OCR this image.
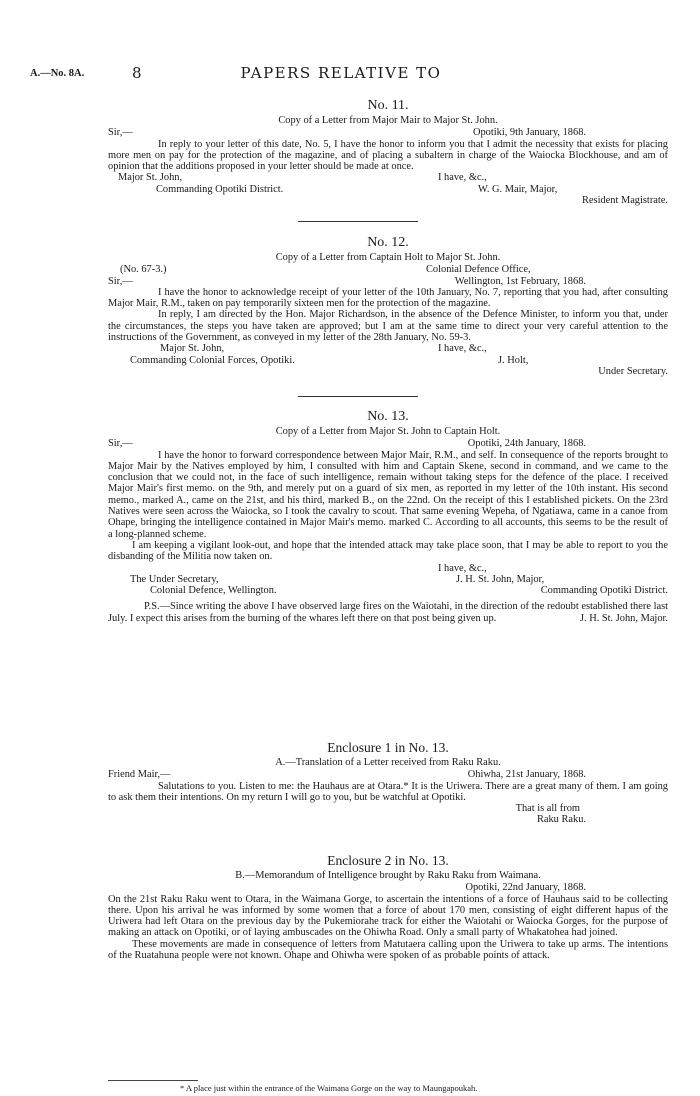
A.—No. 8A.	8	PAPERS RELATIVE TO
No. 11.
Copy of a Letter from Major Mair to Major St. John.
Sir,—	Opotiki, 9th January, 1868.
In reply to your letter of this date, No. 5, I have the honor to inform you that I admit the necessity that exists for placing more men on pay for the protection of the magazine, and of placing a subaltern in charge of the Waiocka Blockhouse, and am of opinion that the additions proposed in your letter should be made at once.
Major St. John,	I have, &c.,
Commanding Opotiki District.	W. G. Mair, Major,
Resident Magistrate.
No. 12.
Copy of a Letter from Captain Holt to Major St. John.
(No. 67-3.)	Colonial Defence Office,
Sir,—	Wellington, 1st February, 1868.
I have the honor to acknowledge receipt of your letter of the 10th January, No. 7, reporting that you had, after consulting Major Mair, R.M., taken on pay temporarily sixteen men for the protection of the magazine.
In reply, I am directed by the Hon. Major Richardson, in the absence of the Defence Minister, to inform you that, under the circumstances, the steps you have taken are approved; but I am at the same time to direct your very careful attention to the instructions of the Government, as conveyed in my letter of the 28th January, No. 59-3.
Major St. John,	I have, &c.,
Commanding Colonial Forces, Opotiki.	J. Holt,
Under Secretary.
No. 13.
Copy of a Letter from Major St. John to Captain Holt.
Sir,—	Opotiki, 24th January, 1868.
I have the honor to forward correspondence between Major Mair, R.M., and self. In consequence of the reports brought to Major Mair by the Natives employed by him, I consulted with him and Captain Skene, second in command, and we came to the conclusion that we could not, in the face of such intelligence, remain without taking steps for the defence of the place. I received Major Mair's first memo. on the 9th, and merely put on a guard of six men, as reported in my letter of the 10th instant. His second memo., marked A., came on the 21st, and his third, marked B., on the 22nd. On the receipt of this I established pickets. On the 23rd Natives were seen across the Waiocka, so I took the cavalry to scout. That same evening Wepeha, of Ngatiawa, came in a canoe from Ohape, bringing the intelligence contained in Major Mair's memo. marked C. According to all accounts, this seems to be the result of a long-planned scheme.
I am keeping a vigilant look-out, and hope that the intended attack may take place soon, that I may be able to report to you the disbanding of the Militia now taken on.
I have, &c.,
The Under Secretary,	J. H. St. John, Major,
Colonial Defence, Wellington.	Commanding Opotiki District.
P.S.—Since writing the above I have observed large fires on the Waiotahi, in the direction of the redoubt established there last July. I expect this arises from the burning of the whares left there on that post being given up.	J. H. St. John, Major.
Enclosure 1 in No. 13.
A.—Translation of a Letter received from Raku Raku.
Friend Mair,—	Ohiwha, 21st January, 1868.
Salutations to you. Listen to me: the Hauhaus are at Otara.* It is the Uriwera. There are a great many of them. I am going to ask them their intentions. On my return I will go to you, but be watchful at Opotiki.
That is all from
Raku Raku.
Enclosure 2 in No. 13.
B.—Memorandum of Intelligence brought by Raku Raku from Waimana.
Opotiki, 22nd January, 1868.
On the 21st Raku Raku went to Otara, in the Waimana Gorge, to ascertain the intentions of a force of Hauhaus said to be collecting there. Upon his arrival he was informed by some women that a force of about 170 men, consisting of eight different hapus of the Uriwera had left Otara on the previous day by the Pukemiorahe track for either the Waiotahi or Waiocka Gorges, for the purpose of making an attack on Opotiki, or of laying ambuscades on the Ohiwha Road. Only a small party of Whakatohea had joined.
These movements are made in consequence of letters from Matutaera calling upon the Uriwera to take up arms. The intentions of the Ruatahuna people were not known. Ohape and Ohiwha were spoken of as probable points of attack.
* A place just within the entrance of the Waimana Gorge on the way to Maungapoukah.
